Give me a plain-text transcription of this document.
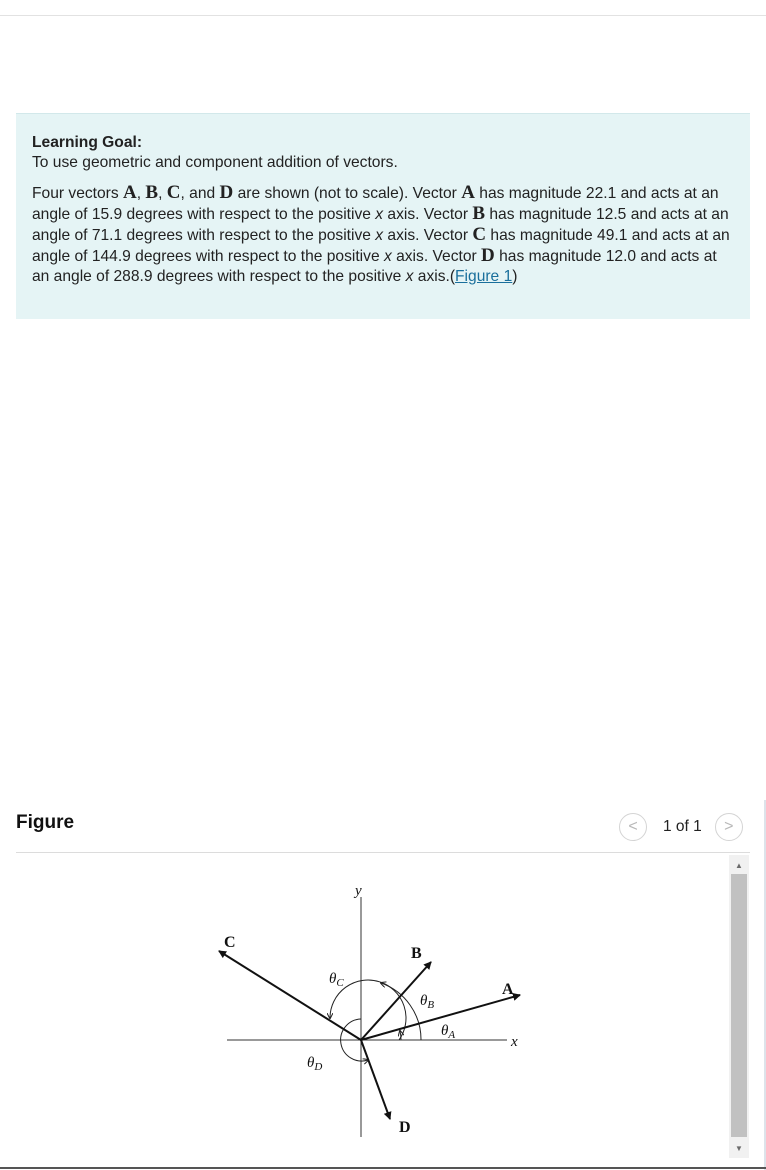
Learning Goal:
To use geometric and component addition of vectors.
Four vectors A, B, C, and D are shown (not to scale). Vector A has magnitude 22.1 and acts at an angle of 15.9 degrees with respect to the positive x axis. Vector B has magnitude 12.5 and acts at an angle of 71.1 degrees with respect to the positive x axis. Vector C has magnitude 49.1 and acts at an angle of 144.9 degrees with respect to the positive x axis. Vector D has magnitude 12.0 and acts at an angle of 288.9 degrees with respect to the positive x axis.(Figure 1)
Figure	< 1 of 1 >
y
x
A
B
C
D
$\theta_A$
$\theta_B$
$\theta_C$
$\theta_D$
▲
▼
